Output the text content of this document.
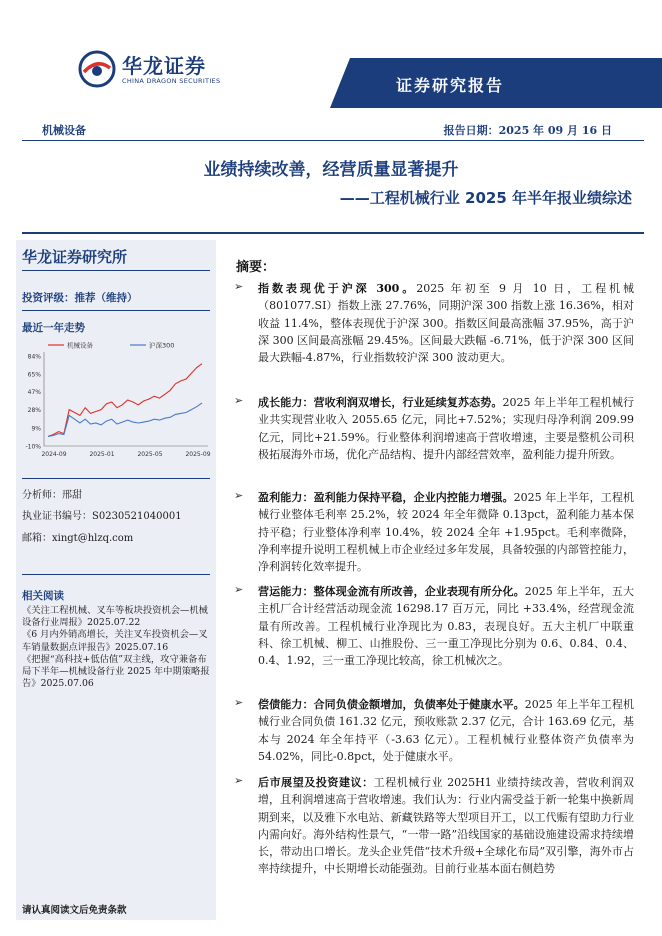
华龙证券
CHINA DRAGON SECURITIES	证券研究报告
机械设备	报告日期：2025 年 09 月 16 日
业绩持续改善，经营质量显著提升
——工程机械行业 2025 年半年报业绩综述
华龙证券研究所
投资评级：推荐（维持）
最近一年走势
-10%
9%
28%
47%
65%
84%
2024-09	2025-01	2025-05	2025-09
机械设备	沪深300
分析师：邢甜
执业证书编号：S0230521040001
邮箱：xingt@hlzq.com
相关阅读

《关注工程机械、叉车等板块投资机会—机械设备行业周报》2025.07.22

《6 月内外销高增长，关注叉车投资机会—叉车销量数据点评报告》2025.07.16

《把握“高科技+低估值”双主线，攻守兼备布局下半年—机械设备行业 2025 年中期策略报告》2025.07.06

请认真阅读文后免责条款
摘要：
➢ 指数表现优于沪深 300。2025 年初至 9 月 10 日，工程机械（801077.SI）指数上涨 27.76%，同期沪深 300 指数上涨 16.36%，相对收益 11.4%，整体表现优于沪深 300。指数区间最高涨幅 37.95%，高于沪深 300 区间最高涨幅 29.45%。区间最大跌幅 -6.71%，低于沪深 300 区间最大跌幅-4.87%，行业指数较沪深 300 波动更大。
➢ 成长能力：营收利润双增长，行业延续复苏态势。2025 年上半年工程机械行业共实现营业收入 2055.65 亿元，同比+7.52%；实现归母净利润 209.99 亿元，同比+21.59%。行业整体利润增速高于营收增速，主要是整机公司积极拓展海外市场，优化产品结构、提升内部经营效率，盈利能力提升所致。
➢ 盈利能力：盈利能力保持平稳，企业内控能力增强。2025 年上半年，工程机械行业整体毛利率 25.2%，较 2024 年全年微降 0.13pct，盈利能力基本保持平稳；行业整体净利率 10.4%，较 2024 全年 +1.95pct。毛利率微降，净利率提升说明工程机械上市企业经过多年发展，具备较强的内部管控能力，净利润转化效率提升。
➢ 营运能力：整体现金流有所改善，企业表现有所分化。2025 年上半年，五大主机厂合计经营活动现金流 16298.17 百万元，同比 +33.4%，经营现金流量有所改善。工程机械行业净现比为 0.83，表现良好。五大主机厂中联重科、徐工机械、柳工、山推股份、三一重工净现比分别为 0.6、0.84、0.4、0.4、1.92，三一重工净现比较高，徐工机械次之。
➢ 偿债能力：合同负债金额增加，负债率处于健康水平。2025 年上半年工程机械行业合同负债 161.32 亿元，预收账款 2.37 亿元，合计 163.69 亿元，基本与 2024 年全年持平（-3.63 亿元）。工程机械行业整体资产负债率为 54.02%，同比-0.8pct，处于健康水平。
➢ 后市展望及投资建议：工程机械行业 2025H1 业绩持续改善，营收利润双增，且利润增速高于营收增速。我们认为：行业内需受益于新一轮集中换新周期到来，以及雅下水电站、新藏铁路等大型项目开工，以工代赈有望助力行业内需向好。海外结构性景气，“一带一路”沿线国家的基础设施建设需求持续增长，带动出口增长。龙头企业凭借“技术升级+全球化布局”双引擎，海外市占率持续提升，中长期增长动能强劲。目前行业基本面右侧趋势
